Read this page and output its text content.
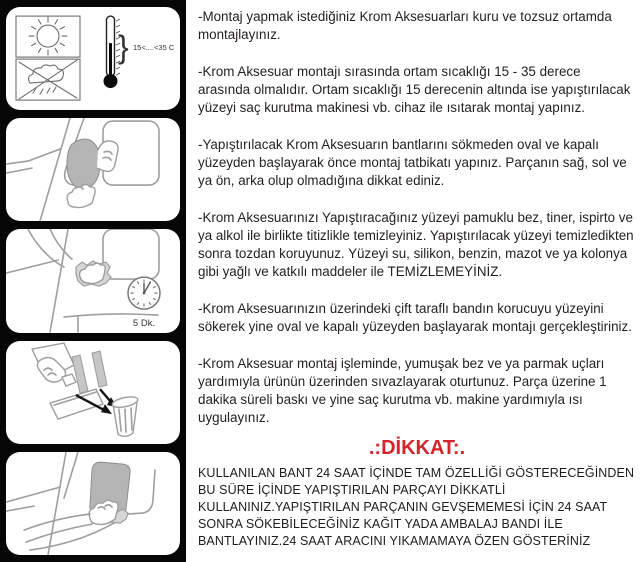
} 15<....<35 C
5 Dk.

-Montaj yapmak istediğiniz Krom Aksesuarları kuru ve tozsuz ortamda montajlayınız.

-Krom Aksesuar montajı sırasında ortam sıcaklığı 15 - 35 derece arasında olmalıdır. Ortam sıcaklığı 15 derecenin altında ise yapıştırılacak yüzeyi saç kurutma makinesi vb. cihaz ile ısıtarak montaj yapınız.

-Yapıştırılacak Krom Aksesuarın bantlarını sökmeden oval ve kapalı yüzeyden başlayarak önce montaj tatbikatı yapınız. Parçanın sağ, sol ve ya ön, arka olup olmadığına dikkat ediniz.

-Krom Aksesuarınızı Yapıştıracağınız yüzeyi pamuklu bez, tiner, ispirto ve ya alkol ile birlikte titizlikle temizleyiniz. Yapıştırılacak yüzeyi temizledikten sonra tozdan koruyunuz. Yüzeyi su, silikon, benzin, mazot ve ya kolonya gibi yağlı ve katkılı maddeler ile TEMİZLEMEYİNİZ.

-Krom Aksesuarınızın üzerindeki çift taraflı bandın korucuyu yüzeyini sökerek yine oval ve kapalı yüzeyden başlayarak montajı gerçekleştiriniz.

-Krom Aksesuar montaj işleminde, yumuşak bez ve ya parmak uçları yardımıyla ürünün üzerinden sıvazlayarak oturtunuz. Parça üzerine 1 dakika süreli baskı ve yine saç kurutma vb. makine yardımıyla ısı uygulayınız.

.:DİKKAT:.
KULLANILAN BANT 24 SAAT İÇİNDE TAM ÖZELLİĞİ GÖSTERECEĞİNDEN BU SÜRE İÇİNDE YAPIŞTIRILAN PARÇAYI DİKKATLİ KULLANINIZ.YAPIŞTIRILAN PARÇANIN GEVŞEMEMESİ İÇİN 24 SAAT SONRA SÖKEBİLECEĞİNİZ KAĞIT YADA AMBALAJ BANDI İLE BANTLAYINIZ.24 SAAT ARACINI YIKAMAMAYA ÖZEN GÖSTERİNİZ
